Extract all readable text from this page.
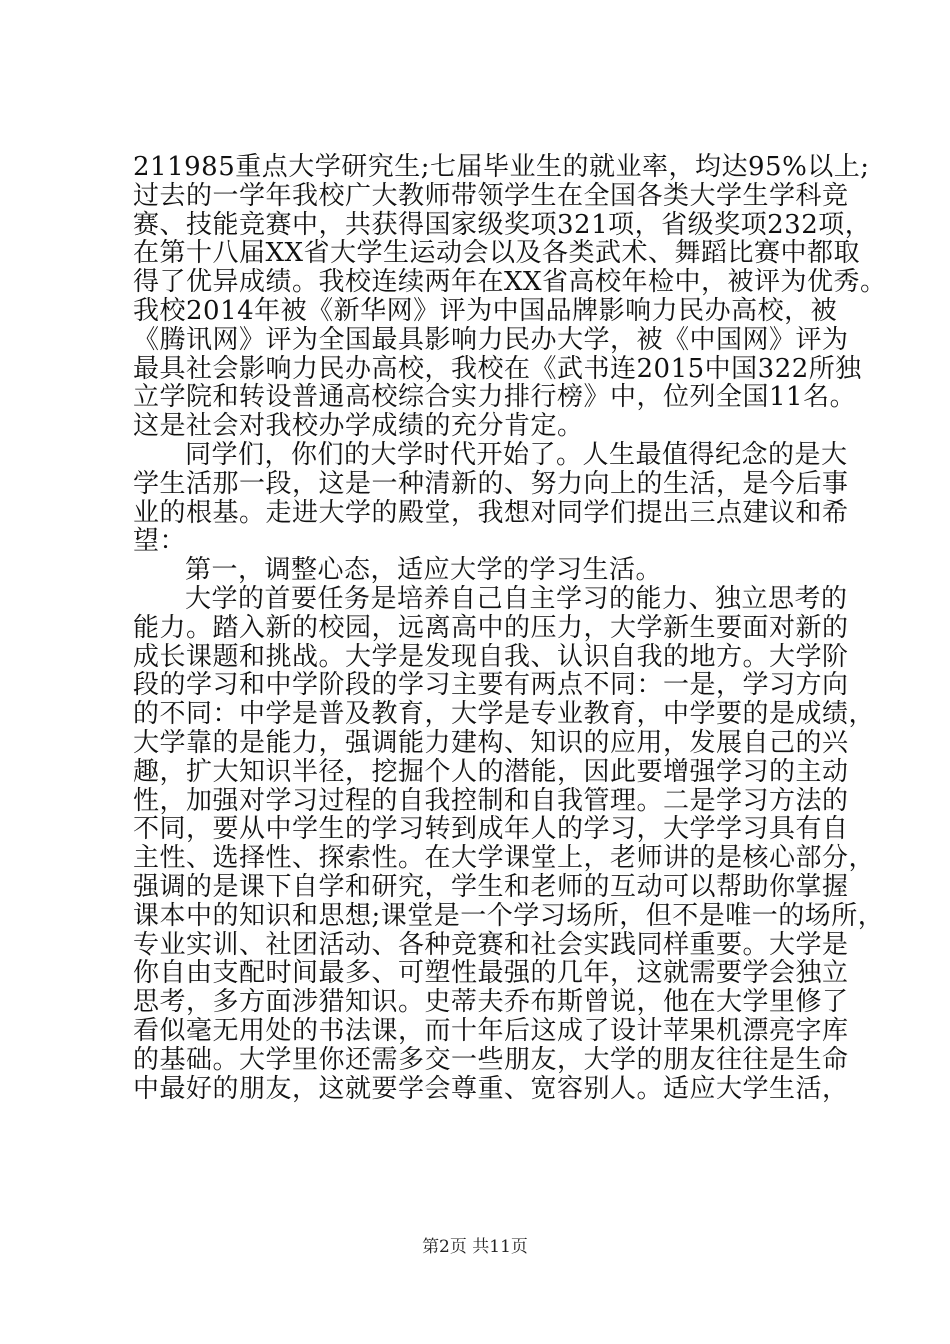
211985重点大学研究生;七届毕业生的就业率，均达95%以上;
过去的一学年我校广大教师带领学生在全国各类大学生学科竞
赛、技能竞赛中，共获得国家级奖项321项，省级奖项232项，
在第十八届XX省大学生运动会以及各类武术、舞蹈比赛中都取
得了优异成绩。我校连续两年在XX省高校年检中，被评为优秀。
我校2014年被《新华网》评为中国品牌影响力民办高校，被
《腾讯网》评为全国最具影响力民办大学，被《中国网》评为
最具社会影响力民办高校，我校在《武书连2015中国322所独
立学院和转设普通高校综合实力排行榜》中，位列全国11名。
这是社会对我校办学成绩的充分肯定。
同学们，你们的大学时代开始了。人生最值得纪念的是大
学生活那一段，这是一种清新的、努力向上的生活，是今后事
业的根基。走进大学的殿堂，我想对同学们提出三点建议和希
望：
第一，调整心态，适应大学的学习生活。
大学的首要任务是培养自己自主学习的能力、独立思考的
能力。踏入新的校园，远离高中的压力，大学新生要面对新的
成长课题和挑战。大学是发现自我、认识自我的地方。大学阶
段的学习和中学阶段的学习主要有两点不同：一是，学习方向
的不同：中学是普及教育，大学是专业教育，中学要的是成绩，
大学靠的是能力，强调能力建构、知识的应用，发展自己的兴
趣，扩大知识半径，挖掘个人的潜能，因此要增强学习的主动
性，加强对学习过程的自我控制和自我管理。二是学习方法的
不同，要从中学生的学习转到成年人的学习，大学学习具有自
主性、选择性、探索性。在大学课堂上，老师讲的是核心部分，
强调的是课下自学和研究，学生和老师的互动可以帮助你掌握
课本中的知识和思想;课堂是一个学习场所，但不是唯一的场所，
专业实训、社团活动、各种竞赛和社会实践同样重要。大学是
你自由支配时间最多、可塑性最强的几年，这就需要学会独立
思考，多方面涉猎知识。史蒂夫乔布斯曾说，他在大学里修了
看似毫无用处的书法课，而十年后这成了设计苹果机漂亮字库
的基础。大学里你还需多交一些朋友，大学的朋友往往是生命
中最好的朋友，这就要学会尊重、宽容别人。适应大学生活，
第2页 共11页
